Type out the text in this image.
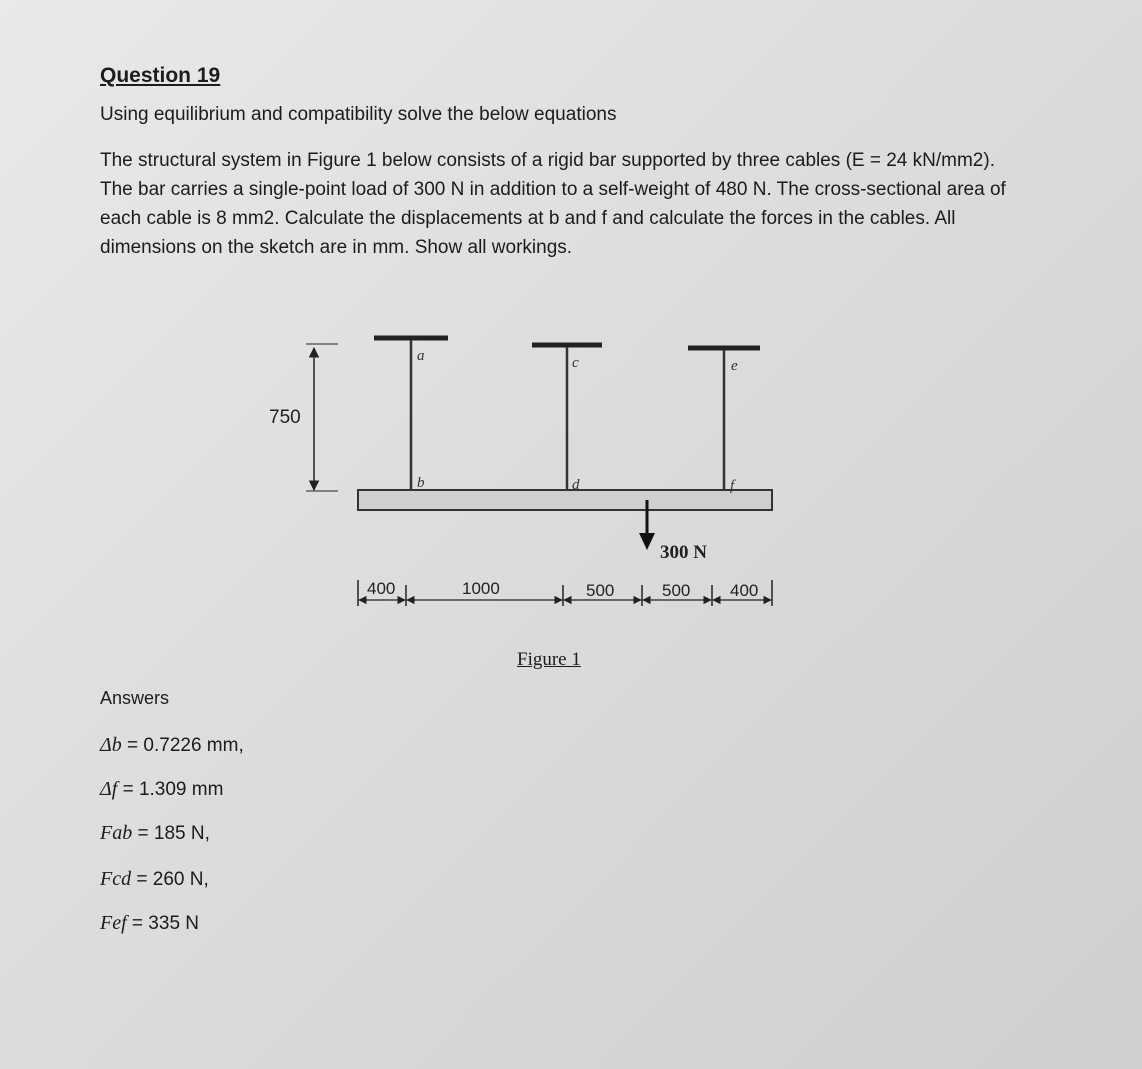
Question 19

Using equilibrium and compatibility solve the below equations

The structural system in Figure 1 below consists of a rigid bar supported by three cables (E = 24 kN/mm2). The bar carries a single-point load of 300 N in addition to a self-weight of 480 N. The cross-sectional area of each cable is 8 mm2. Calculate the displacements at b and f and calculate the forces in the cables. All dimensions on the sketch are in mm. Show all workings.

750
a
b
c
d
e
f
300 N
400	1000	500	500 400
Figure 1
Answers
Δb = 0.7226 mm,
Δf = 1.309 mm
Fab = 185 N,
Fcd = 260 N,
Fef = 335 N
